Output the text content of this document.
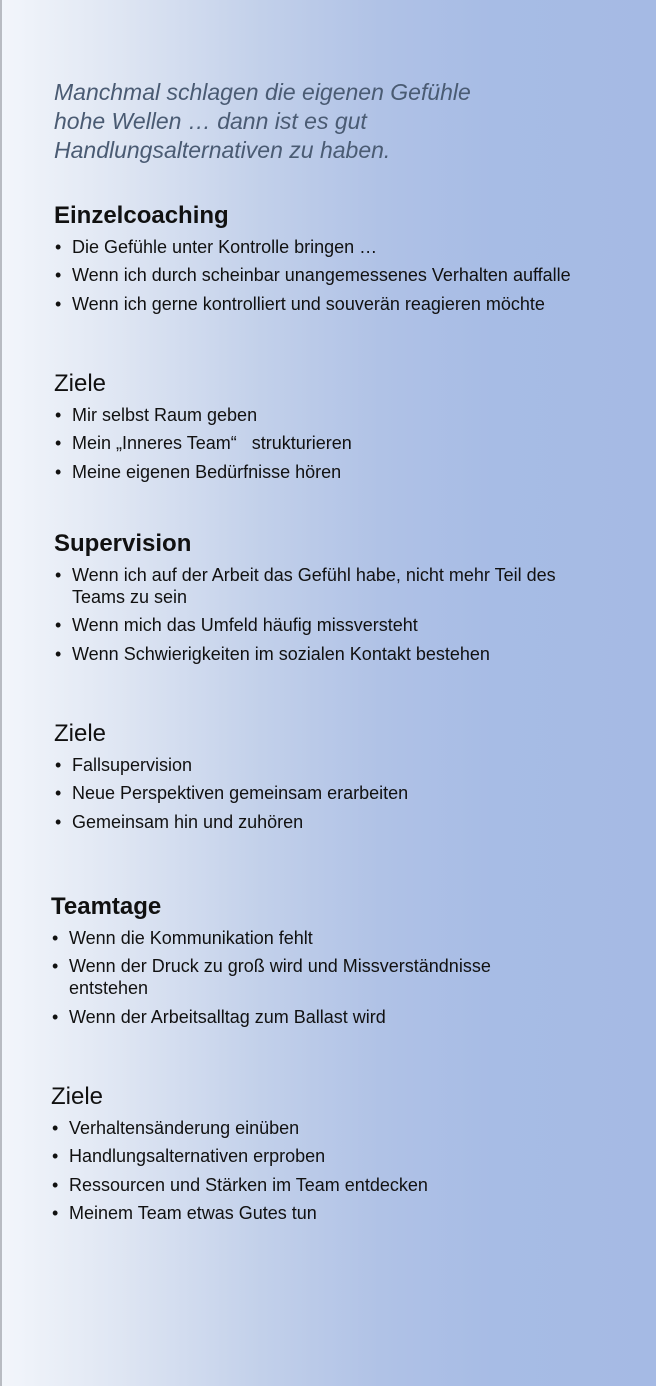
Manchmal schlagen die eigenen Gefühle
hohe Wellen … dann ist es gut
Handlungsalternativen zu haben.

Einzelcoaching
• Die Gefühle unter Kontrolle bringen …
• Wenn ich durch scheinbar unangemessenes Verhalten auffalle
• Wenn ich gerne kontrolliert und souverän reagieren möchte
Ziele
• Mir selbst Raum geben
• Mein „Inneres Team“   strukturieren
• Meine eigenen Bedürfnisse hören
Supervision
• Wenn ich auf der Arbeit das Gefühl habe, nicht mehr Teil des Teams zu sein
• Wenn mich das Umfeld häufig missversteht
• Wenn Schwierigkeiten im sozialen Kontakt bestehen
Ziele
• Fallsupervision
• Neue Perspektiven gemeinsam erarbeiten
• Gemeinsam hin und zuhören
Teamtage
• Wenn die Kommunikation fehlt
• Wenn der Druck zu groß wird und Missverständnisse entstehen
• Wenn der Arbeitsalltag zum Ballast wird
Ziele
• Verhaltensänderung einüben
• Handlungsalternativen erproben
• Ressourcen und Stärken im Team entdecken
• Meinem Team etwas Gutes tun
